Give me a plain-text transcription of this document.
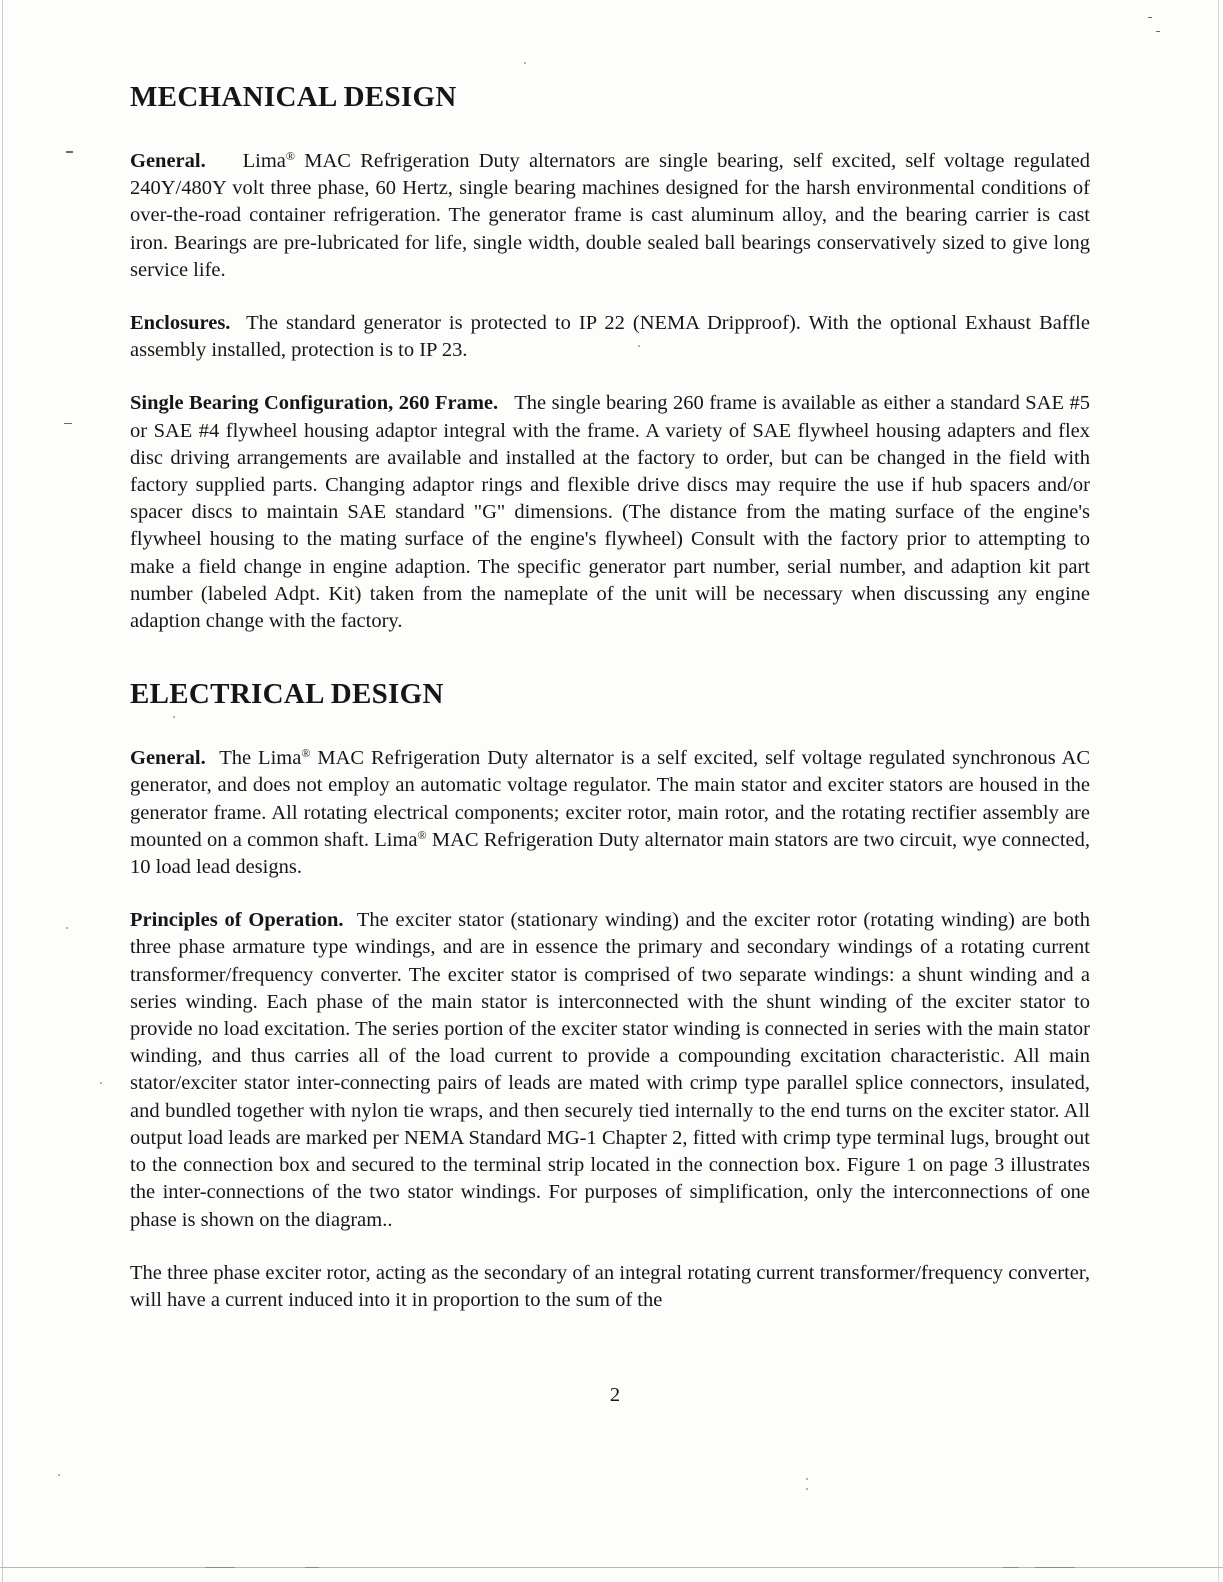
MECHANICAL DESIGN

General. Lima® MAC Refrigeration Duty alternators are single bearing, self excited, self voltage regulated 240Y/480Y volt three phase, 60 Hertz, single bearing machines designed for the harsh environmental conditions of over-the-road container refrigeration. The generator frame is cast aluminum alloy, and the bearing carrier is cast iron. Bearings are pre-lubricated for life, single width, double sealed ball bearings conservatively sized to give long service life.

Enclosures. The standard generator is protected to IP 22 (NEMA Dripproof). With the optional Exhaust Baffle assembly installed, protection is to IP 23.

Single Bearing Configuration, 260 Frame. The single bearing 260 frame is available as either a standard SAE #5 or SAE #4 flywheel housing adaptor integral with the frame. A variety of SAE flywheel housing adapters and flex disc driving arrangements are available and installed at the factory to order, but can be changed in the field with factory supplied parts. Changing adaptor rings and flexible drive discs may require the use if hub spacers and/or spacer discs to maintain SAE standard "G" dimensions. (The distance from the mating surface of the engine's flywheel housing to the mating surface of the engine's flywheel) Consult with the factory prior to attempting to make a field change in engine adaption. The specific generator part number, serial number, and adaption kit part number (labeled Adpt. Kit) taken from the nameplate of the unit will be necessary when discussing any engine adaption change with the factory.

ELECTRICAL DESIGN

General. The Lima® MAC Refrigeration Duty alternator is a self excited, self voltage regulated synchronous AC generator, and does not employ an automatic voltage regulator. The main stator and exciter stators are housed in the generator frame. All rotating electrical components; exciter rotor, main rotor, and the rotating rectifier assembly are mounted on a common shaft. Lima® MAC Refrigeration Duty alternator main stators are two circuit, wye connected, 10 load lead designs.

Principles of Operation. The exciter stator (stationary winding) and the exciter rotor (rotating winding) are both three phase armature type windings, and are in essence the primary and secondary windings of a rotating current transformer/frequency converter. The exciter stator is comprised of two separate windings: a shunt winding and a series winding. Each phase of the main stator is interconnected with the shunt winding of the exciter stator to provide no load excitation. The series portion of the exciter stator winding is connected in series with the main stator winding, and thus carries all of the load current to provide a compounding excitation characteristic. All main stator/exciter stator inter-connecting pairs of leads are mated with crimp type parallel splice connectors, insulated, and bundled together with nylon tie wraps, and then securely tied internally to the end turns on the exciter stator. All output load leads are marked per NEMA Standard MG-1 Chapter 2, fitted with crimp type terminal lugs, brought out to the connection box and secured to the terminal strip located in the connection box. Figure 1 on page 3 illustrates the inter-connections of the two stator windings. For purposes of simplification, only the interconnections of one phase is shown on the diagram..

The three phase exciter rotor, acting as the secondary of an integral rotating current transformer/frequency converter, will have a current induced into it in proportion to the sum of the

2
